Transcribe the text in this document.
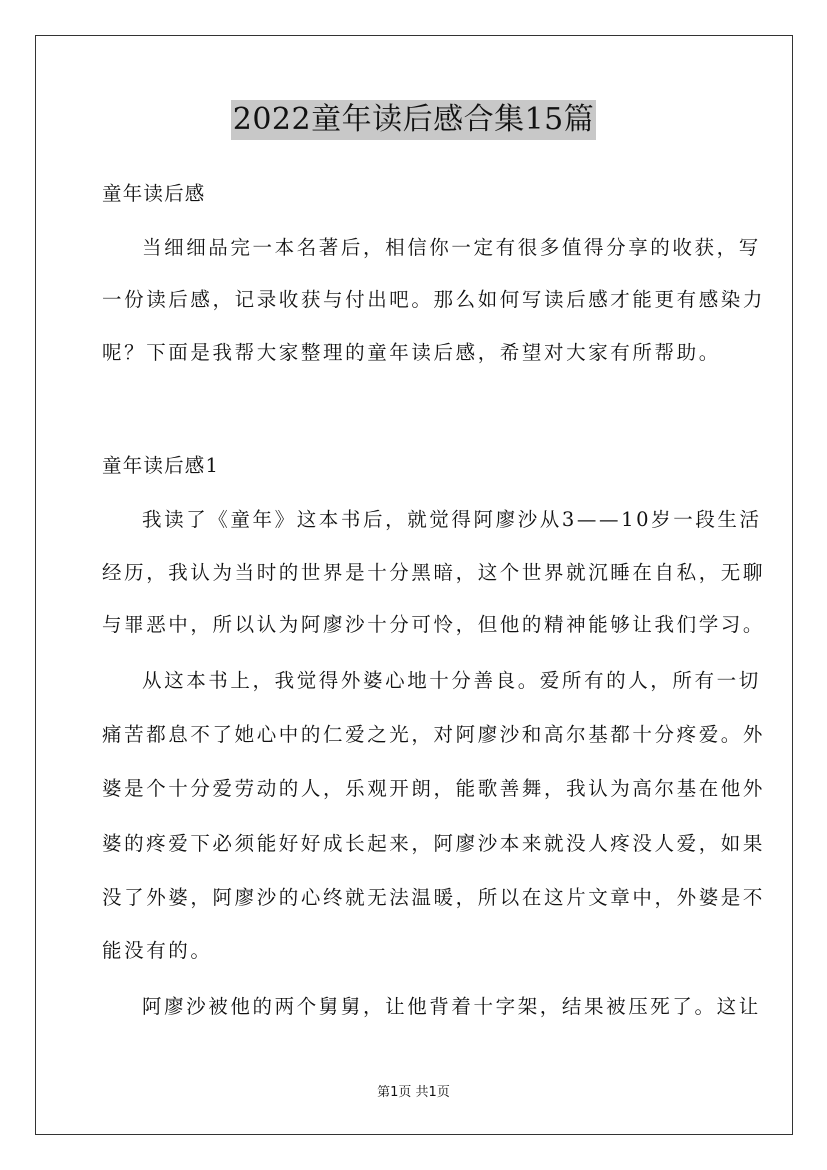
2022童年读后感合集15篇
童年读后感
当细细品完一本名著后，相信你一定有很多值得分享的收获，写
一份读后感，记录收获与付出吧。那么如何写读后感才能更有感染力
呢？下面是我帮大家整理的童年读后感，希望对大家有所帮助。
童年读后感1
我读了《童年》这本书后，就觉得阿廖沙从3——10岁一段生活
经历，我认为当时的世界是十分黑暗，这个世界就沉睡在自私，无聊
与罪恶中，所以认为阿廖沙十分可怜，但他的精神能够让我们学习。
从这本书上，我觉得外婆心地十分善良。爱所有的人，所有一切
痛苦都息不了她心中的仁爱之光，对阿廖沙和高尔基都十分疼爱。外
婆是个十分爱劳动的人，乐观开朗，能歌善舞，我认为高尔基在他外
婆的疼爱下必须能好好成长起来，阿廖沙本来就没人疼没人爱，如果
没了外婆，阿廖沙的心终就无法温暖，所以在这片文章中，外婆是不
能没有的。
阿廖沙被他的两个舅舅，让他背着十字架，结果被压死了。这让
第1页 共1页
